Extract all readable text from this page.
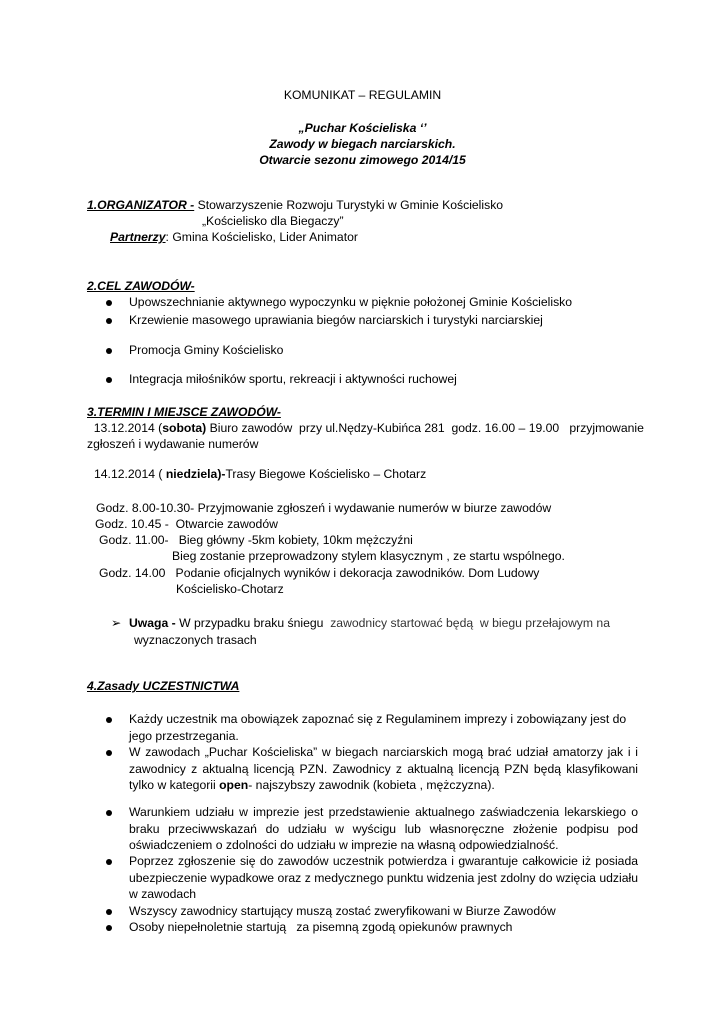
KOMUNIKAT – REGULAMIN
„Puchar Kościeliska ‘’
Zawody w biegach narciarskich.
Otwarcie sezonu zimowego 2014/15
1.ORGANIZATOR - Stowarzyszenie Rozwoju Turystyki w Gminie Kościelisko
„Kościelisko dla Biegaczy”
Partnerzy: Gmina Kościelisko, Lider Animator
2.CEL ZAWODÓW-
Upowszechnianie aktywnego wypoczynku w pięknie położonej Gminie Kościelisko
Krzewienie masowego uprawiania biegów narciarskich i turystyki narciarskiej
Promocja Gminy Kościelisko
Integracja miłośników sportu, rekreacji i aktywności ruchowej
3.TERMIN I MIEJSCE ZAWODÓW-
13.12.2014 (sobota) Biuro zawodów  przy ul.Nędzy-Kubińca 281  godz. 16.00 – 19.00   przyjmowanie
zgłoszeń i wydawanie numerów
14.12.2014 ( niedziela)-Trasy Biegowe Kościelisko – Chotarz
Godz. 8.00-10.30- Przyjmowanie zgłoszeń i wydawanie numerów w biurze zawodów
Godz. 10.45 -  Otwarcie zawodów
Godz. 11.00-   Bieg główny -5km kobiety, 10km mężczyźni
Bieg zostanie przeprowadzony stylem klasycznym , ze startu wspólnego.
Godz. 14.00   Podanie oficjalnych wyników i dekoracja zawodników. Dom Ludowy
Kościelisko-Chotarz
➢ Uwaga - W przypadku braku śniegu  zawodnicy startować będą  w biegu przełajowym na
wyznaczonych trasach
4.Zasady UCZESTNICTWA
Każdy uczestnik ma obowiązek zapoznać się z Regulaminem imprezy i zobowiązany jest do
jego przestrzegania.
W zawodach „Puchar Kościeliska” w biegach narciarskich mogą brać udział amatorzy jak i i
zawodnicy z aktualną licencją PZN. Zawodnicy z aktualną licencją PZN będą klasyfikowani
tylko w kategorii open- najszybszy zawodnik (kobieta , mężczyzna).
Warunkiem udziału w imprezie jest przedstawienie aktualnego zaświadczenia lekarskiego o
braku przeciwwskazań do udziału w wyścigu lub własnoręczne złożenie podpisu pod
oświadczeniem o zdolności do udziału w imprezie na własną odpowiedzialność.
Poprzez zgłoszenie się do zawodów uczestnik potwierdza i gwarantuje całkowicie iż posiada
ubezpieczenie wypadkowe oraz z medycznego punktu widzenia jest zdolny do wzięcia udziału
w zawodach
Wszyscy zawodnicy startujący muszą zostać zweryfikowani w Biurze Zawodów
Osoby niepełnoletnie startują   za pisemną zgodą opiekunów prawnych
